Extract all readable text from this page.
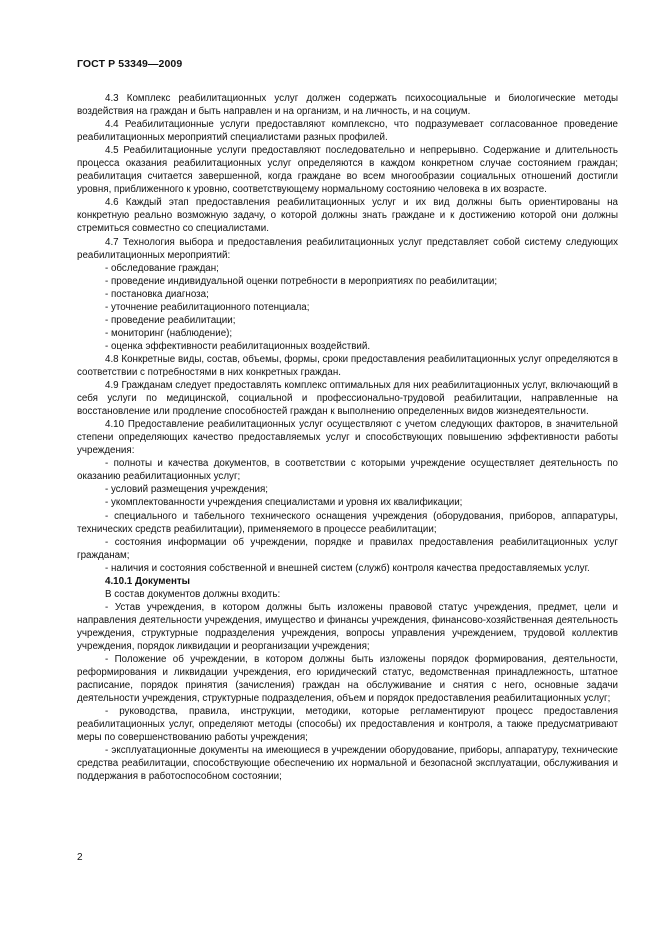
ГОСТ Р 53349—2009

4.3 Комплекс реабилитационных услуг должен содержать психосоциальные и биологические методы воздействия на граждан и быть направлен и на организм, и на личность, и на социум.

4.4 Реабилитационные услуги предоставляют комплексно, что подразумевает согласованное проведение реабилитационных мероприятий специалистами разных профилей.

4.5 Реабилитационные услуги предоставляют последовательно и непрерывно. Содержание и длительность процесса оказания реабилитационных услуг определяются в каждом конкретном случае состоянием граждан; реабилитация считается завершенной, когда граждане во всем многообразии социальных отношений достигли уровня, приближенного к уровню, соответствующему нормальному состоянию человека в их возрасте.

4.6 Каждый этап предоставления реабилитационных услуг и их вид должны быть ориентированы на конкретную реально возможную задачу, о которой должны знать граждане и к достижению которой они должны стремиться совместно со специалистами.

4.7 Технология выбора и предоставления реабилитационных услуг представляет собой систему следующих реабилитационных мероприятий:

- обследование граждан;

- проведение индивидуальной оценки потребности в мероприятиях по реабилитации;

- постановка диагноза;

- уточнение реабилитационного потенциала;

- проведение реабилитации;

- мониторинг (наблюдение);

- оценка эффективности реабилитационных воздействий.

4.8 Конкретные виды, состав, объемы, формы, сроки предоставления реабилитационных услуг определяются в соответствии с потребностями в них конкретных граждан.

4.9 Гражданам следует предоставлять комплекс оптимальных для них реабилитационных услуг, включающий в себя услуги по медицинской, социальной и профессионально-трудовой реабилитации, направленные на восстановление или продление способностей граждан к выполнению определенных видов жизнедеятельности.

4.10 Предоставление реабилитационных услуг осуществляют с учетом следующих факторов, в значительной степени определяющих качество предоставляемых услуг и способствующих повышению эффективности работы учреждения:

- полноты и качества документов, в соответствии с которыми учреждение осуществляет деятельность по оказанию реабилитационных услуг;

- условий размещения учреждения;

- укомплектованности учреждения специалистами и уровня их квалификации;

- специального и табельного технического оснащения учреждения (оборудования, приборов, аппаратуры, технических средств реабилитации), применяемого в процессе реабилитации;

- состояния информации об учреждении, порядке и правилах предоставления реабилитационных услуг гражданам;

- наличия и состояния собственной и внешней систем (служб) контроля качества предоставляемых услуг.

4.10.1 Документы

В состав документов должны входить:

- Устав учреждения, в котором должны быть изложены правовой статус учреждения, предмет, цели и направления деятельности учреждения, имущество и финансы учреждения, финансово-хозяйственная деятельность учреждения, структурные подразделения учреждения, вопросы управления учреждением, трудовой коллектив учреждения, порядок ликвидации и реорганизации учреждения;

- Положение об учреждении, в котором должны быть изложены порядок формирования, деятельности, реформирования и ликвидации учреждения, его юридический статус, ведомственная принадлежность, штатное расписание, порядок принятия (зачисления) граждан на обслуживание и снятия с него, основные задачи деятельности учреждения, структурные подразделения, объем и порядок предоставления реабилитационных услуг;

- руководства, правила, инструкции, методики, которые регламентируют процесс предоставления реабилитационных услуг, определяют методы (способы) их предоставления и контроля, а также предусматривают меры по совершенствованию работы учреждения;

- эксплуатационные документы на имеющиеся в учреждении оборудование, приборы, аппаратуру, технические средства реабилитации, способствующие обеспечению их нормальной и безопасной эксплуатации, обслуживания и поддержания в работоспособном состоянии;

2
